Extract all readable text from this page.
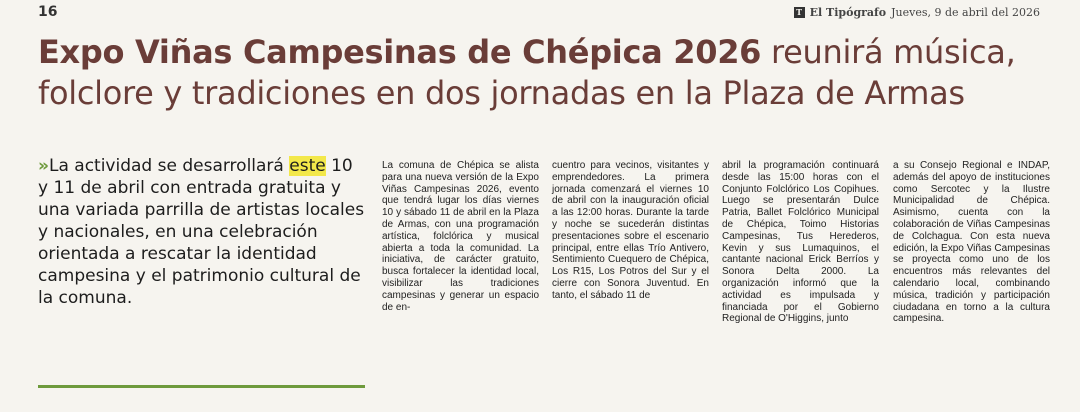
16	T El Tipógrafo Jueves, 9 de abril del 2026
Expo Viñas Campesinas de Chépica 2026 reunirá música, folclore y tradiciones en dos jornadas en la Plaza de Armas

»La actividad se desarrollará este 10 y 11 de abril con entrada gratuita y una variada parrilla de artistas locales y nacionales, en una celebración orientada a rescatar la identidad campesina y el patrimonio cultural de la comuna.

La comuna de Chépica se alista para una nueva versión de la Expo Viñas Campesinas 2026, evento que tendrá lugar los días viernes 10 y sábado 11 de abril en la Plaza de Armas, con una programación artística, folclórica y musical abierta a toda la comunidad. La iniciativa, de carácter gratuito, busca fortalecer la identidad local, visibilizar las tradiciones campesinas y generar un espacio de en-

cuentro para vecinos, visitantes y emprendedores. La primera jornada comenzará el viernes 10 de abril con la inauguración oficial a las 12:00 horas. Durante la tarde y noche se sucederán distintas presentaciones sobre el escenario principal, entre ellas Trío Antivero, Sentimiento Cuequero de Chépica, Los R15, Los Potros del Sur y el cierre con Sonora Juventud. En tanto, el sábado 11 de

abril la programación continuará desde las 15:00 horas con el Conjunto Folclórico Los Copihues. Luego se presentarán Dulce Patria, Ballet Folclórico Municipal de Chépica, Toimo Historias Campesinas, Tus Herederos, Kevin y sus Lumaquinos, el cantante nacional Erick Berríos y Sonora Delta 2000. La organización informó que la actividad es impulsada y financiada por el Gobierno Regional de O'Higgins, junto

a su Consejo Regional e INDAP, además del apoyo de instituciones como Sercotec y la Ilustre Municipalidad de Chépica. Asimismo, cuenta con la colaboración de Viñas Campesinas de Colchagua. Con esta nueva edición, la Expo Viñas Campesinas se proyecta como uno de los encuentros más relevantes del calendario local, combinando música, tradición y participación ciudadana en torno a la cultura campesina.
